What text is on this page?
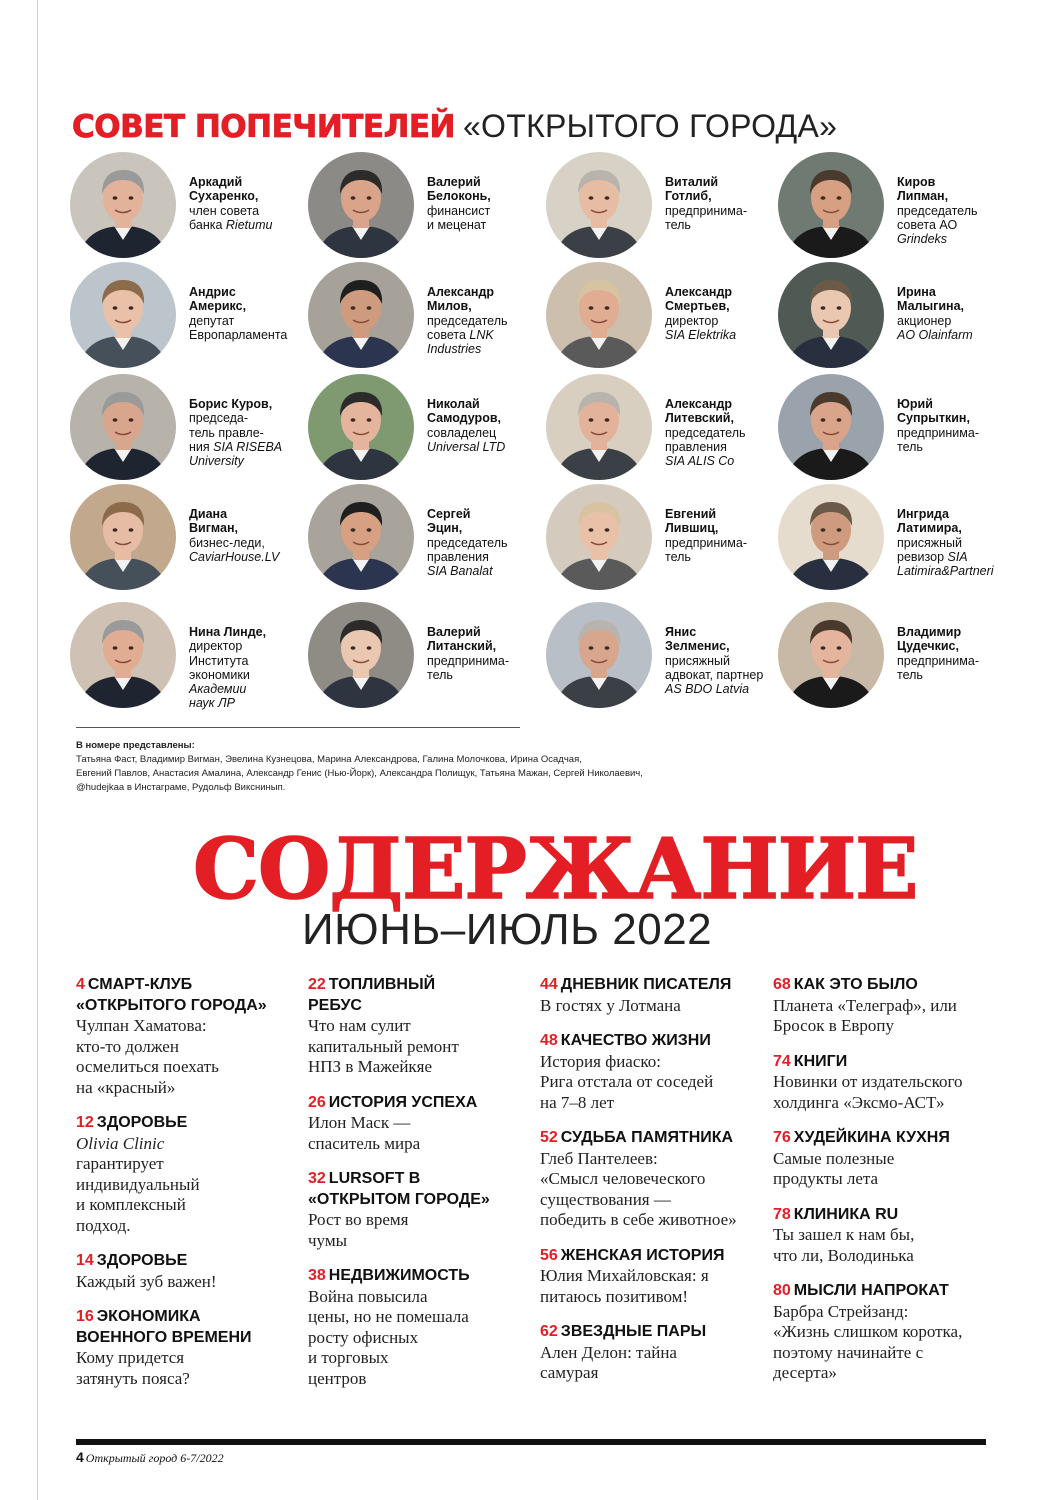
СОВЕТ ПОПЕЧИТЕЛЕЙ «ОТКРЫТОГО ГОРОДА»
Аркадий
Сухаренко,
член совета
банка Rietumu
Валерий
Белоконь,
финансист
и меценат
Виталий
Готлиб,
предпринима-
тель
Киров
Липман,
председатель
совета АО
Grindeks
Андрис
Америкс,
депутат
Европарламента
Александр
Милов,
председатель
совета LNK
Industries
Александр
Смертьев,
директор
SIA Elektrika
Ирина
Малыгина,
акционер
AO Olainfarm
Борис Куров,
председа-
тель правле-
ния SIA RISEBA
University
Николай
Самодуров,
совладелец
Universal LTD
Александр
Литевский,
председатель
правления
SIA ALIS Co
Юрий
Супрыткин,
предпринима-
тель
Диана
Вигман,
бизнес-леди,
CaviarHouse.LV
Сергей
Эцин,
председатель
правления
SIA Banalat
Евгений
Лившиц,
предпринима-
тель
Ингрида
Латимира,
присяжный
ревизор SIA
Latimira&Partneri
Нина Линде,
директор
Института
экономики
Академии
наук ЛР
Валерий
Литанский,
предпринима-
тель
Янис
Зелменис,
присяжный
адвокат, партнер
AS BDO Latvia
Владимир
Цудечкис,
предпринима-
тель
В номере представлены:
Татьяна Фаст, Владимир Вигман, Эвелина Кузнецова, Марина Александрова, Галина Молочкова, Ирина Осадчая,
Евгений Павлов, Анастасия Амалина, Александр Генис (Нью-Йорк), Александра Полищук, Татьяна Мажан, Сергей Николаевич,
@hudejkaa в Инстаграме, Рудольф Викснинып.
СОДЕРЖАНИЕ
ИЮНЬ–ИЮЛЬ 2022
4 СМАРТ-КЛУБ
«ОТКРЫТОГО ГОРОДА»
Чулпан Хаматова:
кто-то должен
осмелиться поехать
на «красный»
12 ЗДОРОВЬЕ
Olivia Clinic
гарантирует
индивидуальный
и комплексный
подход.
14 ЗДОРОВЬЕ
Каждый зуб важен!
16 ЭКОНОМИКА
ВОЕННОГО ВРЕМЕНИ
Кому придется
затянуть пояса?
22 ТОПЛИВНЫЙ
РЕБУС
Что нам сулит
капитальный ремонт
НПЗ в Мажейкяе
26 ИСТОРИЯ УСПЕХА
Илон Маск —
спаситель мира
32 LURSOFT В
«ОТКРЫТОМ ГОРОДЕ»
Рост во время
чумы
38 НЕДВИЖИМОСТЬ
Война повысила
цены, но не помешала
росту офисных
и торговых
центров
44 ДНЕВНИК ПИСАТЕЛЯ
В гостях у Лотмана
48 КАЧЕСТВО ЖИЗНИ
История фиаско:
Рига отстала от соседей
на 7–8 лет
52 СУДЬБА ПАМЯТНИКА
Глеб Пантелеев:
«Смысл человеческого
существования —
победить в себе животное»
56 ЖЕНСКАЯ ИСТОРИЯ
Юлия Михайловская: я
питаюсь позитивом!
62 ЗВЕЗДНЫЕ ПАРЫ
Ален Делон: тайна
самурая
68 КАК ЭТО БЫЛО
Планета «Телеграф», или
Бросок в Европу
74 КНИГИ
Новинки от издательского
холдинга «Эксмо-АСТ»
76 ХУДЕЙКИНА КУХНЯ
Самые полезные
продукты лета
78 КЛИНИКА RU
Ты зашел к нам бы,
что ли, Володинька
80 МЫСЛИ НАПРОКАТ
Барбра Стрейзанд:
«Жизнь слишком коротка,
поэтому начинайте с
десерта»
4 Открытый город 6-7/2022
